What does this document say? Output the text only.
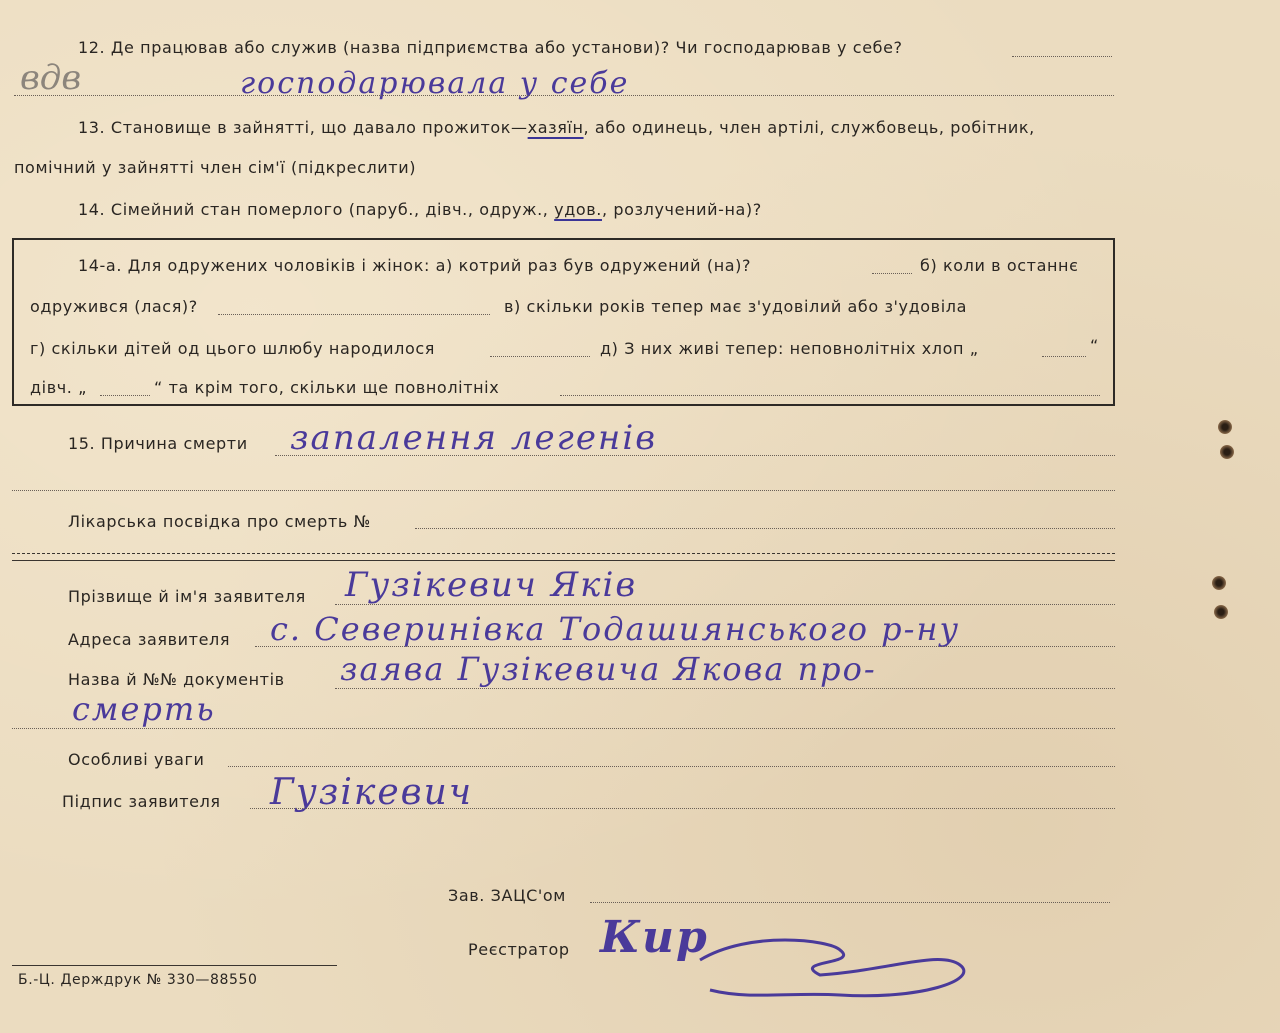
вдв
12. Де працював або служив (назва підприємства або установи)? Чи господарював у себе?
господарювала у себе
13. Становище в зайнятті, що давало прожиток—хазяїн, або одинець, член артілі, службовець, робітник,
помічний у зайнятті член сім'ї (підкреслити)
14. Сімейний стан померлого (паруб., дівч., одруж., удов., розлучений-на)?
14-а. Для одружених чоловіків і жінок: а) котрий раз був одружений (на)?	б) коли в останнє
одружився (лася)?	в) скільки років тепер має з'удовілий або з'удовіла
г) скільки дітей од цього шлюбу народилося	д) З них живі тепер: неповнолітніх хлоп „	“
дівч. „	“ та крім того, скільки ще повнолітніх
15. Причина смерти запалення легенів
Лікарська посвідка про смерть №
Прізвище й ім'я заявителя Гузікевич Яків
Адреса заявителя с. Северинівка Тодашиянського р-ну
Назва й №№ документів заява Гузікевича Якова про-
смерть
Особливі уваги
Підпис заявителя Гузікевич
Зав. ЗАЦС'ом
Реєстратор Кир
Б.-Ц. Держдрук № 330—88550
